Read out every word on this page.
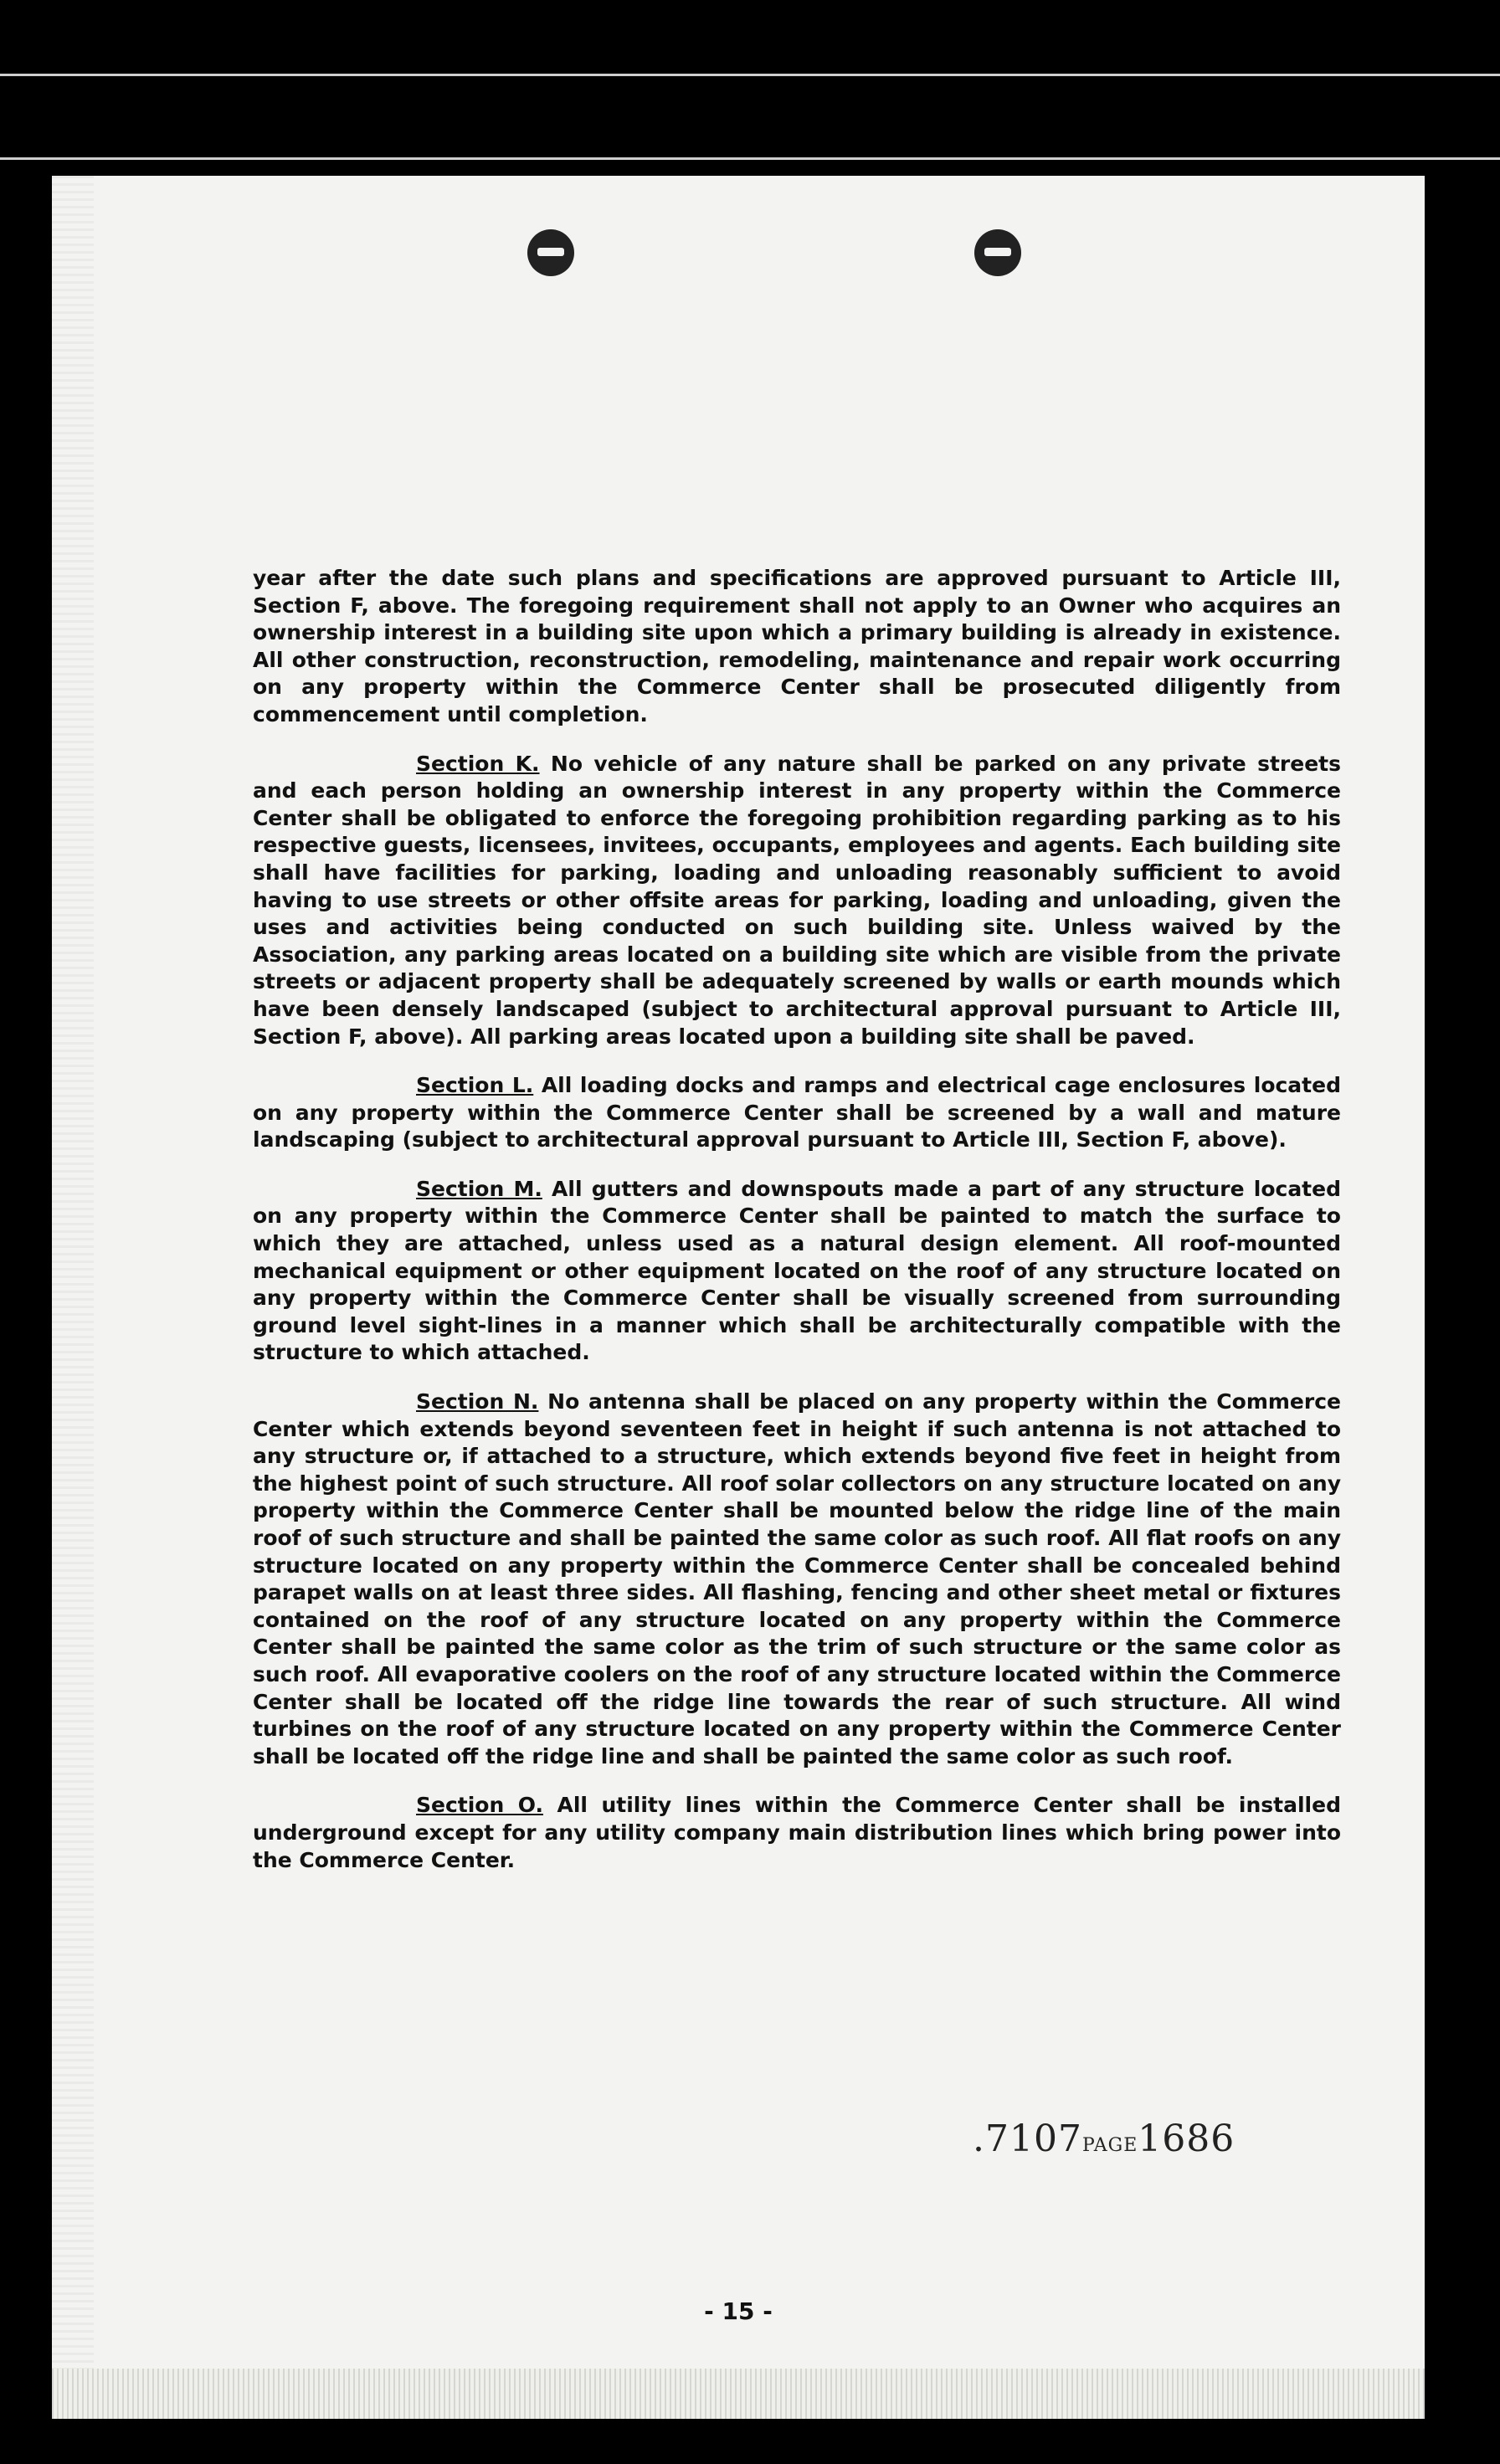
year after the date such plans and specifications are approved pursuant to Article III, Section F, above. The foregoing requirement shall not apply to an Owner who acquires an ownership interest in a building site upon which a primary building is already in existence. All other construction, reconstruction, remodeling, maintenance and repair work occurring on any property within the Commerce Center shall be prosecuted diligently from commencement until completion.

Section K. No vehicle of any nature shall be parked on any private streets and each person holding an ownership interest in any property within the Commerce Center shall be obligated to enforce the foregoing prohibition regarding parking as to his respective guests, licensees, invitees, occupants, employees and agents. Each building site shall have facilities for parking, loading and unloading reasonably sufficient to avoid having to use streets or other offsite areas for parking, loading and unloading, given the uses and activities being conducted on such building site. Unless waived by the Association, any parking areas located on a building site which are visible from the private streets or adjacent property shall be adequately screened by walls or earth mounds which have been densely landscaped (subject to architectural approval pursuant to Article III, Section F, above). All parking areas located upon a building site shall be paved.

Section L. All loading docks and ramps and electrical cage enclosures located on any property within the Commerce Center shall be screened by a wall and mature landscaping (subject to architectural approval pursuant to Article III, Section F, above).

Section M. All gutters and downspouts made a part of any structure located on any property within the Commerce Center shall be painted to match the surface to which they are attached, unless used as a natural design element. All roof-mounted mechanical equipment or other equipment located on the roof of any structure located on any property within the Commerce Center shall be visually screened from surrounding ground level sight-lines in a manner which shall be architecturally compatible with the structure to which attached.

Section N. No antenna shall be placed on any property within the Commerce Center which extends beyond seventeen feet in height if such antenna is not attached to any structure or, if attached to a structure, which extends beyond five feet in height from the highest point of such structure. All roof solar collectors on any structure located on any property within the Commerce Center shall be mounted below the ridge line of the main roof of such structure and shall be painted the same color as such roof. All flat roofs on any structure located on any property within the Commerce Center shall be concealed behind parapet walls on at least three sides. All flashing, fencing and other sheet metal or fixtures contained on the roof of any structure located on any property within the Commerce Center shall be painted the same color as the trim of such structure or the same color as such roof. All evaporative coolers on the roof of any structure located within the Commerce Center shall be located off the ridge line towards the rear of such structure. All wind turbines on the roof of any structure located on any property within the Commerce Center shall be located off the ridge line and shall be painted the same color as such roof.

Section O. All utility lines within the Commerce Center shall be installed underground except for any utility company main distribution lines which bring power into the Commerce Center.

.7107PAGE1686
- 15 -
